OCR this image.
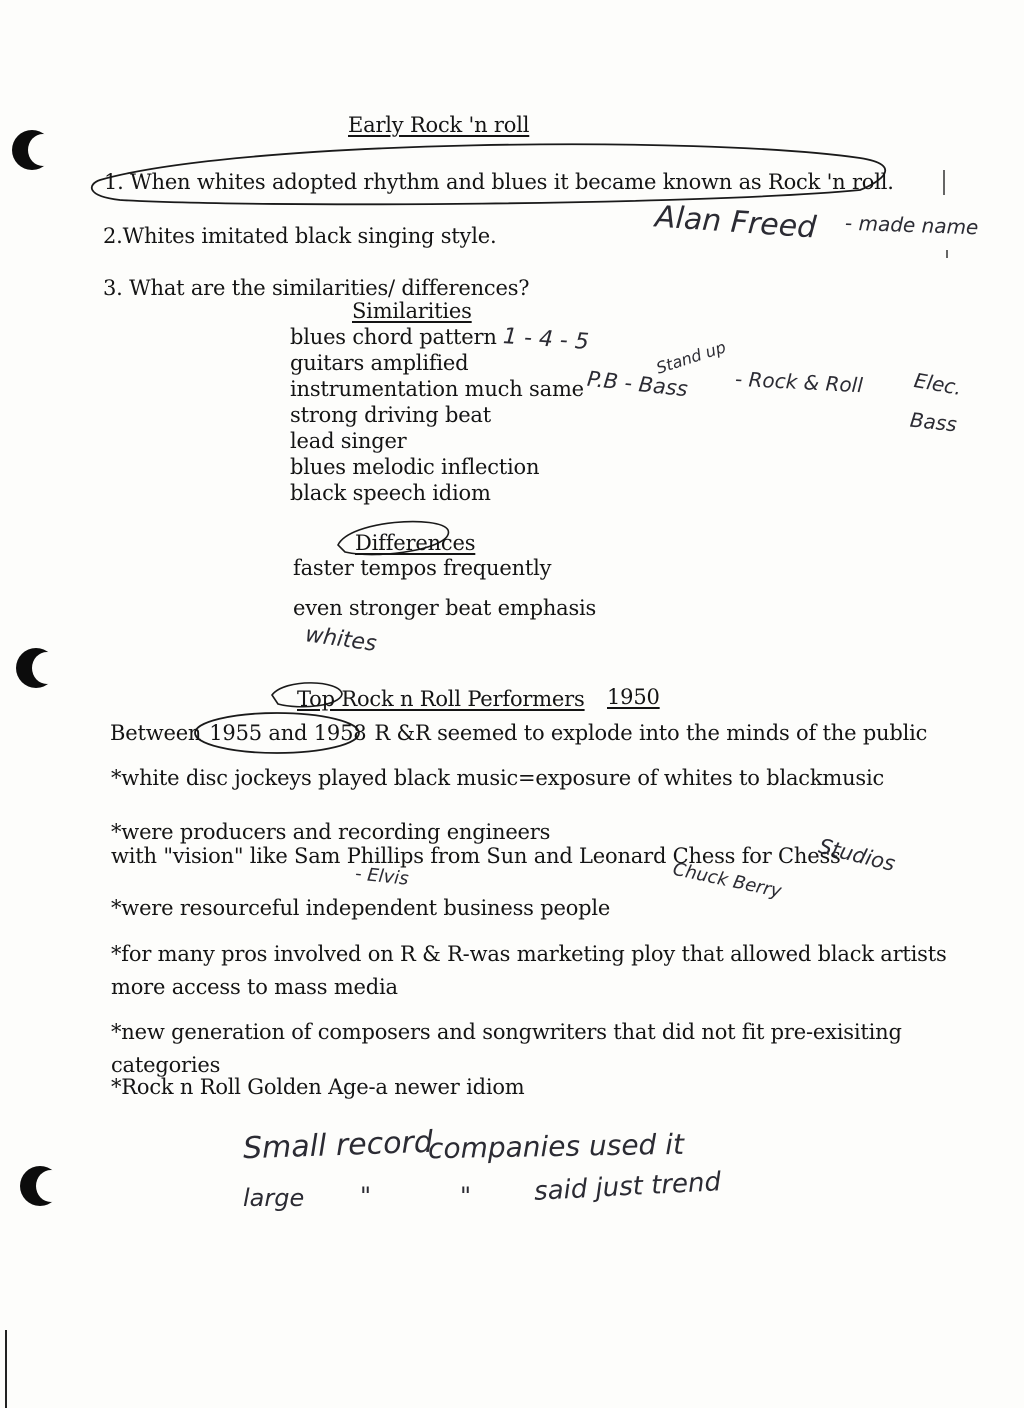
Early Rock 'n roll
1. When whites adopted rhythm and blues it became known as Rock 'n roll.
2.Whites imitated black singing style.
3. What are the similarities/ differences?
Similarities
blues chord pattern
guitars amplified
instrumentation much same
strong driving beat
lead singer
blues melodic inflection
black speech idiom
Differences
faster tempos frequently
even stronger beat emphasis
Top Rock n Roll Performers 1950
Between 1955 and 1958 R &R seemed to explode into the minds of the public
*white disc jockeys played black music=exposure of whites to blackmusic
*were producers and recording engineers
with "vision" like Sam Phillips from Sun and Leonard Chess for Chess
*were resourceful independent business people
*for many pros involved on R & R-was marketing ploy that allowed black artists
more access to mass media
*new generation of composers and songwriters that did not fit pre-exisiting
categories
*Rock n Roll Golden Age-a newer idiom
Alan Freed - made name
1 - 4 - 5	Stand up
P.B - Bass - Rock & Roll Elec.
Bass
whites
Studios
- Elvis	Chuck Berry
Small record
companies used it
large "	" said just trend
